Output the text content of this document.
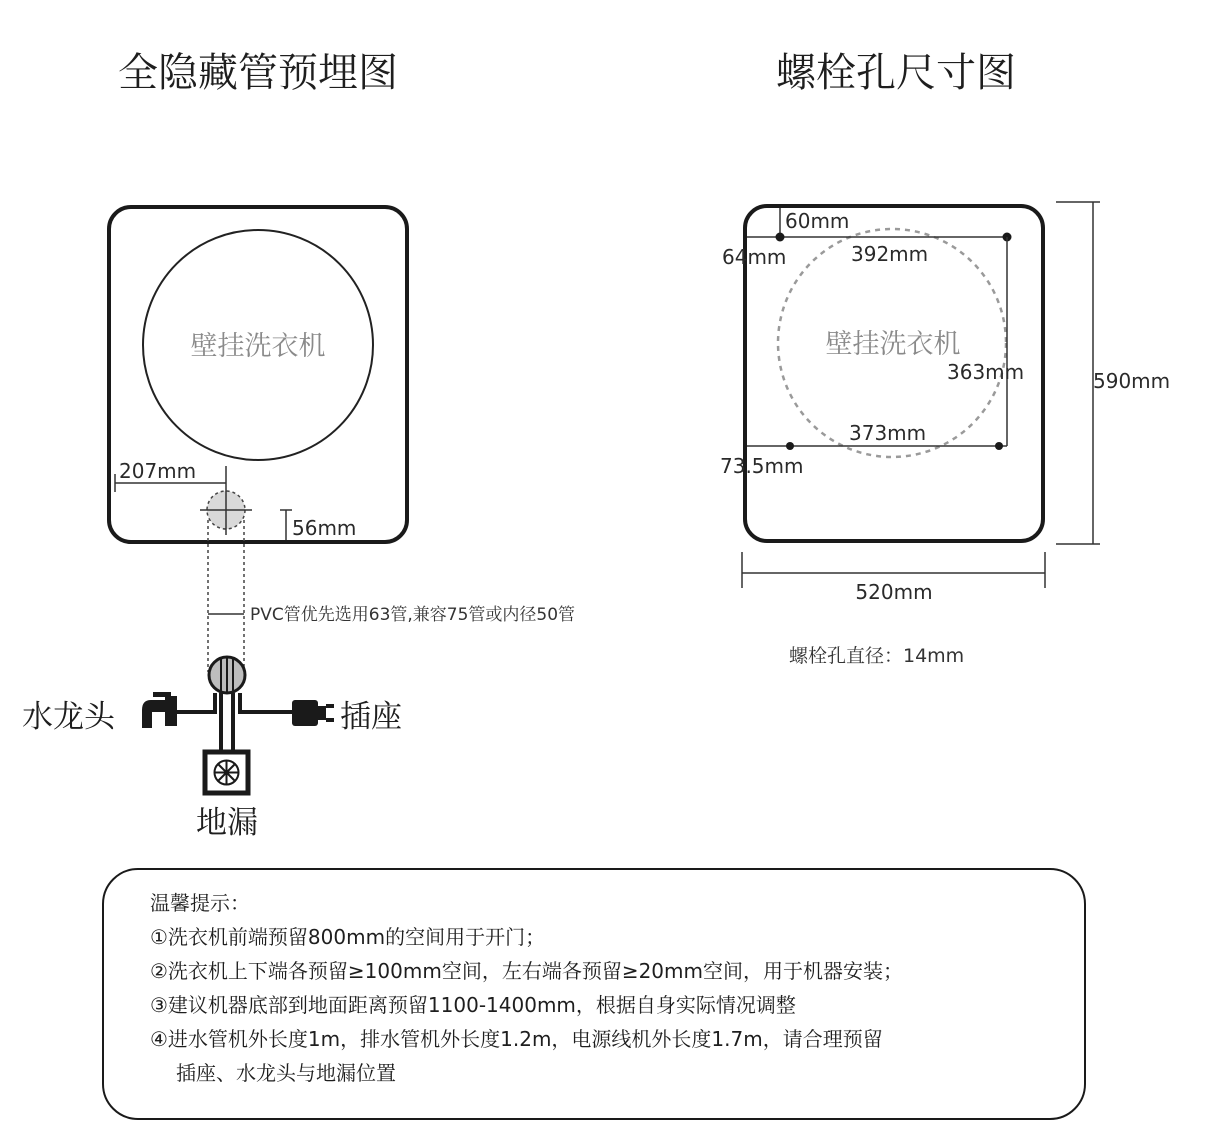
全隐藏管预埋图
壁挂洗衣机
207mm
56mm
PVC管优先选用63管,兼容75管或内径50管
水龙头	插座
地漏
螺栓孔尺寸图
壁挂洗衣机
60mm
64mm	392mm
363mm
373mm
73.5mm
590mm
520mm
螺栓孔直径：14mm

温馨提示：

①洗衣机前端预留800mm的空间用于开门；

②洗衣机上下端各预留≥100mm空间，左右端各预留≥20mm空间，用于机器安装；

③建议机器底部到地面距离预留1100-1400mm，根据自身实际情况调整

④进水管机外长度1m，排水管机外长度1.2m，电源线机外长度1.7m，请合理预留

插座、水龙头与地漏位置
